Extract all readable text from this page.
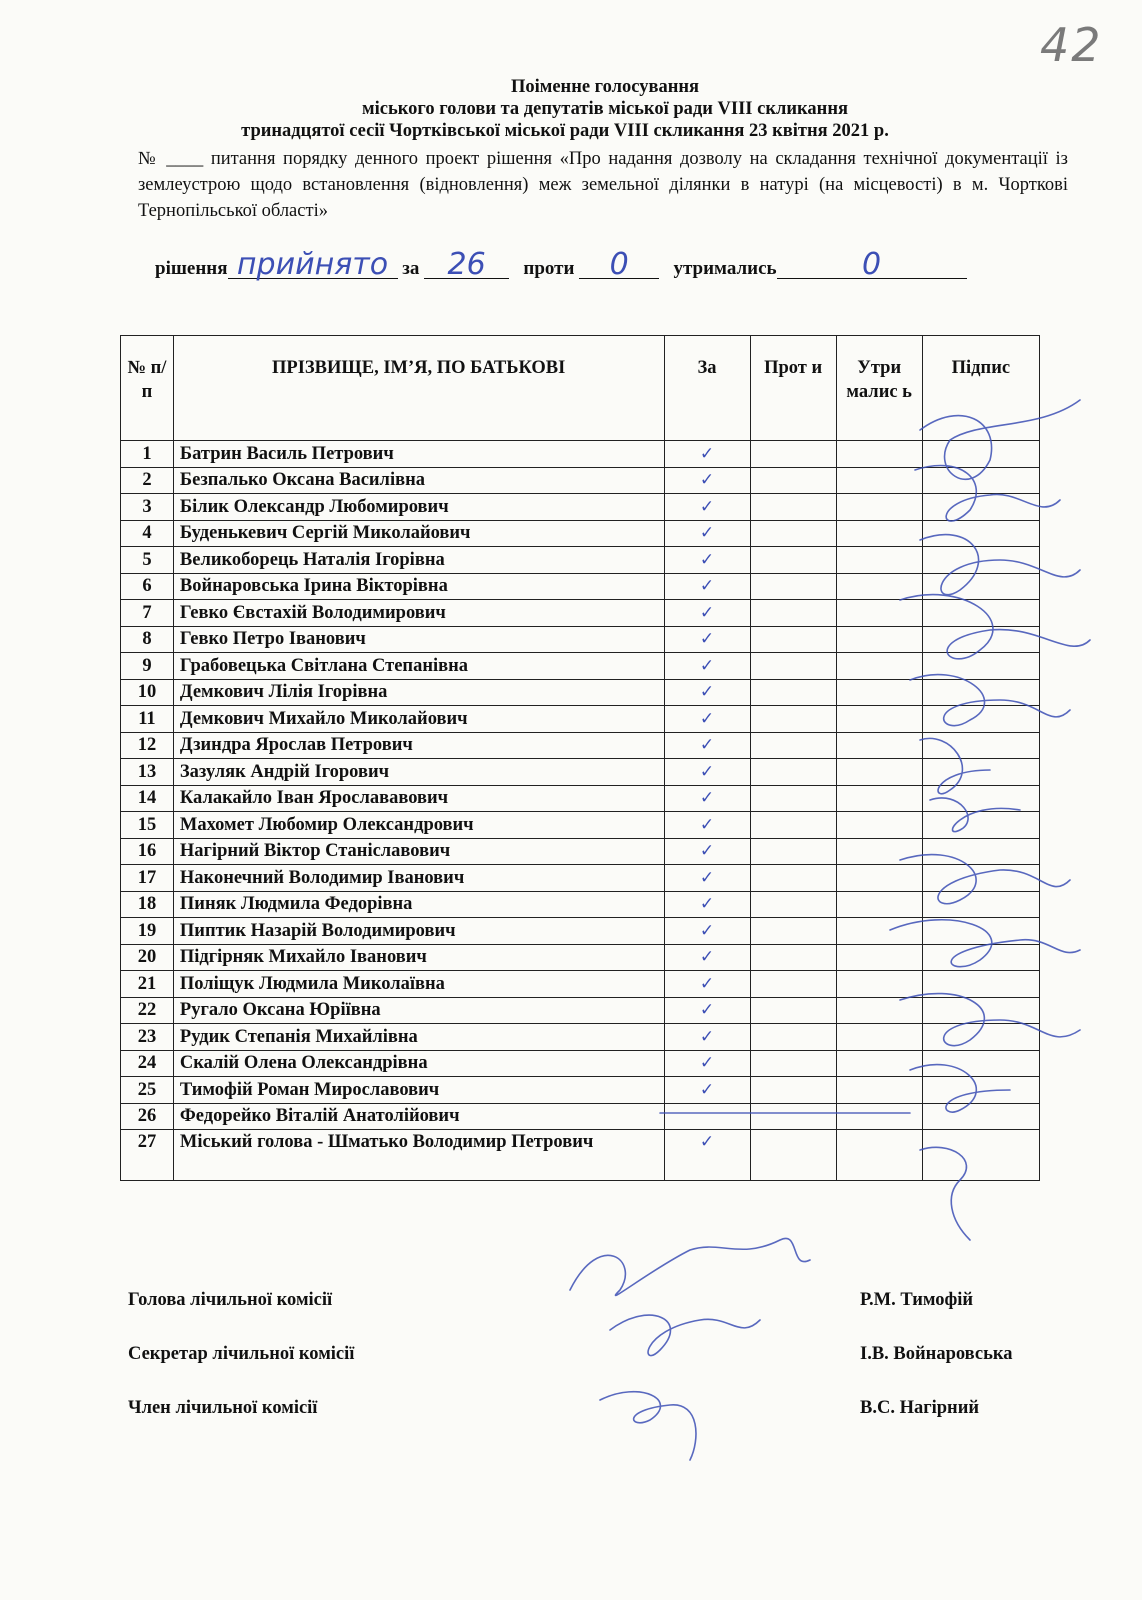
42
Поіменне голосування
міського голови та депутатів міської ради VIII скликання
тринадцятої сесії Чортківської міської ради VIII скликання 23 квітня 2021 р.
№ ____ питання порядку денного проект рішення «Про надання дозволу на складання технічної документації із землеустрою щодо встановлення (відновлення) меж земельної ділянки в натурі (на місцевості) в м. Чорткові Тернопільської області»
рішення прийнято за 26 проти 0 утримались	0
№ п/п	ПРІЗВИЩЕ, ІМ’Я, ПО БАТЬКОВІ	За	Прот и	Утри малис ь	Підпис
1	Батрин Василь Петрович	✓			
2	Безпалько Оксана Василівна	✓			
3	Білик Олександр Любомирович	✓			
4	Буденькевич Сергій Миколайович	✓			
5	Великоборець Наталія Ігорівна	✓			
6	Войнаровська Ірина Вікторівна	✓			
7	Гевко Євстахій Володимирович	✓			
8	Гевко Петро Іванович	✓			
9	Грабовецька Світлана Степанівна	✓			
10	Демкович Лілія Ігорівна	✓			
11	Демкович Михайло Миколайович	✓			
12	Дзиндра Ярослав Петрович	✓			
13	Зазуляк Андрій Ігорович	✓			
14	Калакайло Іван Ярослававович	✓			
15	Махомет Любомир Олександрович	✓			
16	Нагірний Віктор Станіславович	✓			
17	Наконечний Володимир Іванович	✓			
18	Пиняк Людмила Федорівна	✓			
19	Пиптик Назарій Володимирович	✓			
20	Підгірняк Михайло Іванович	✓			
21	Поліщук Людмила Миколаївна	✓			
22	Ругало Оксана Юріївна	✓			
23	Рудик Степанія Михайлівна	✓			
24	Скалій Олена Олександрівна	✓			
25	Тимофій Роман Мирославович	✓			
26	Федорейко Віталій Анатолійович				
27	Міський голова - Шматько Володимир Петрович	✓			
Голова лічильної комісії	Р.М. Тимофій
Секретар лічильної комісії	І.В. Войнаровська
Член лічильної комісії	В.С. Нагірний
